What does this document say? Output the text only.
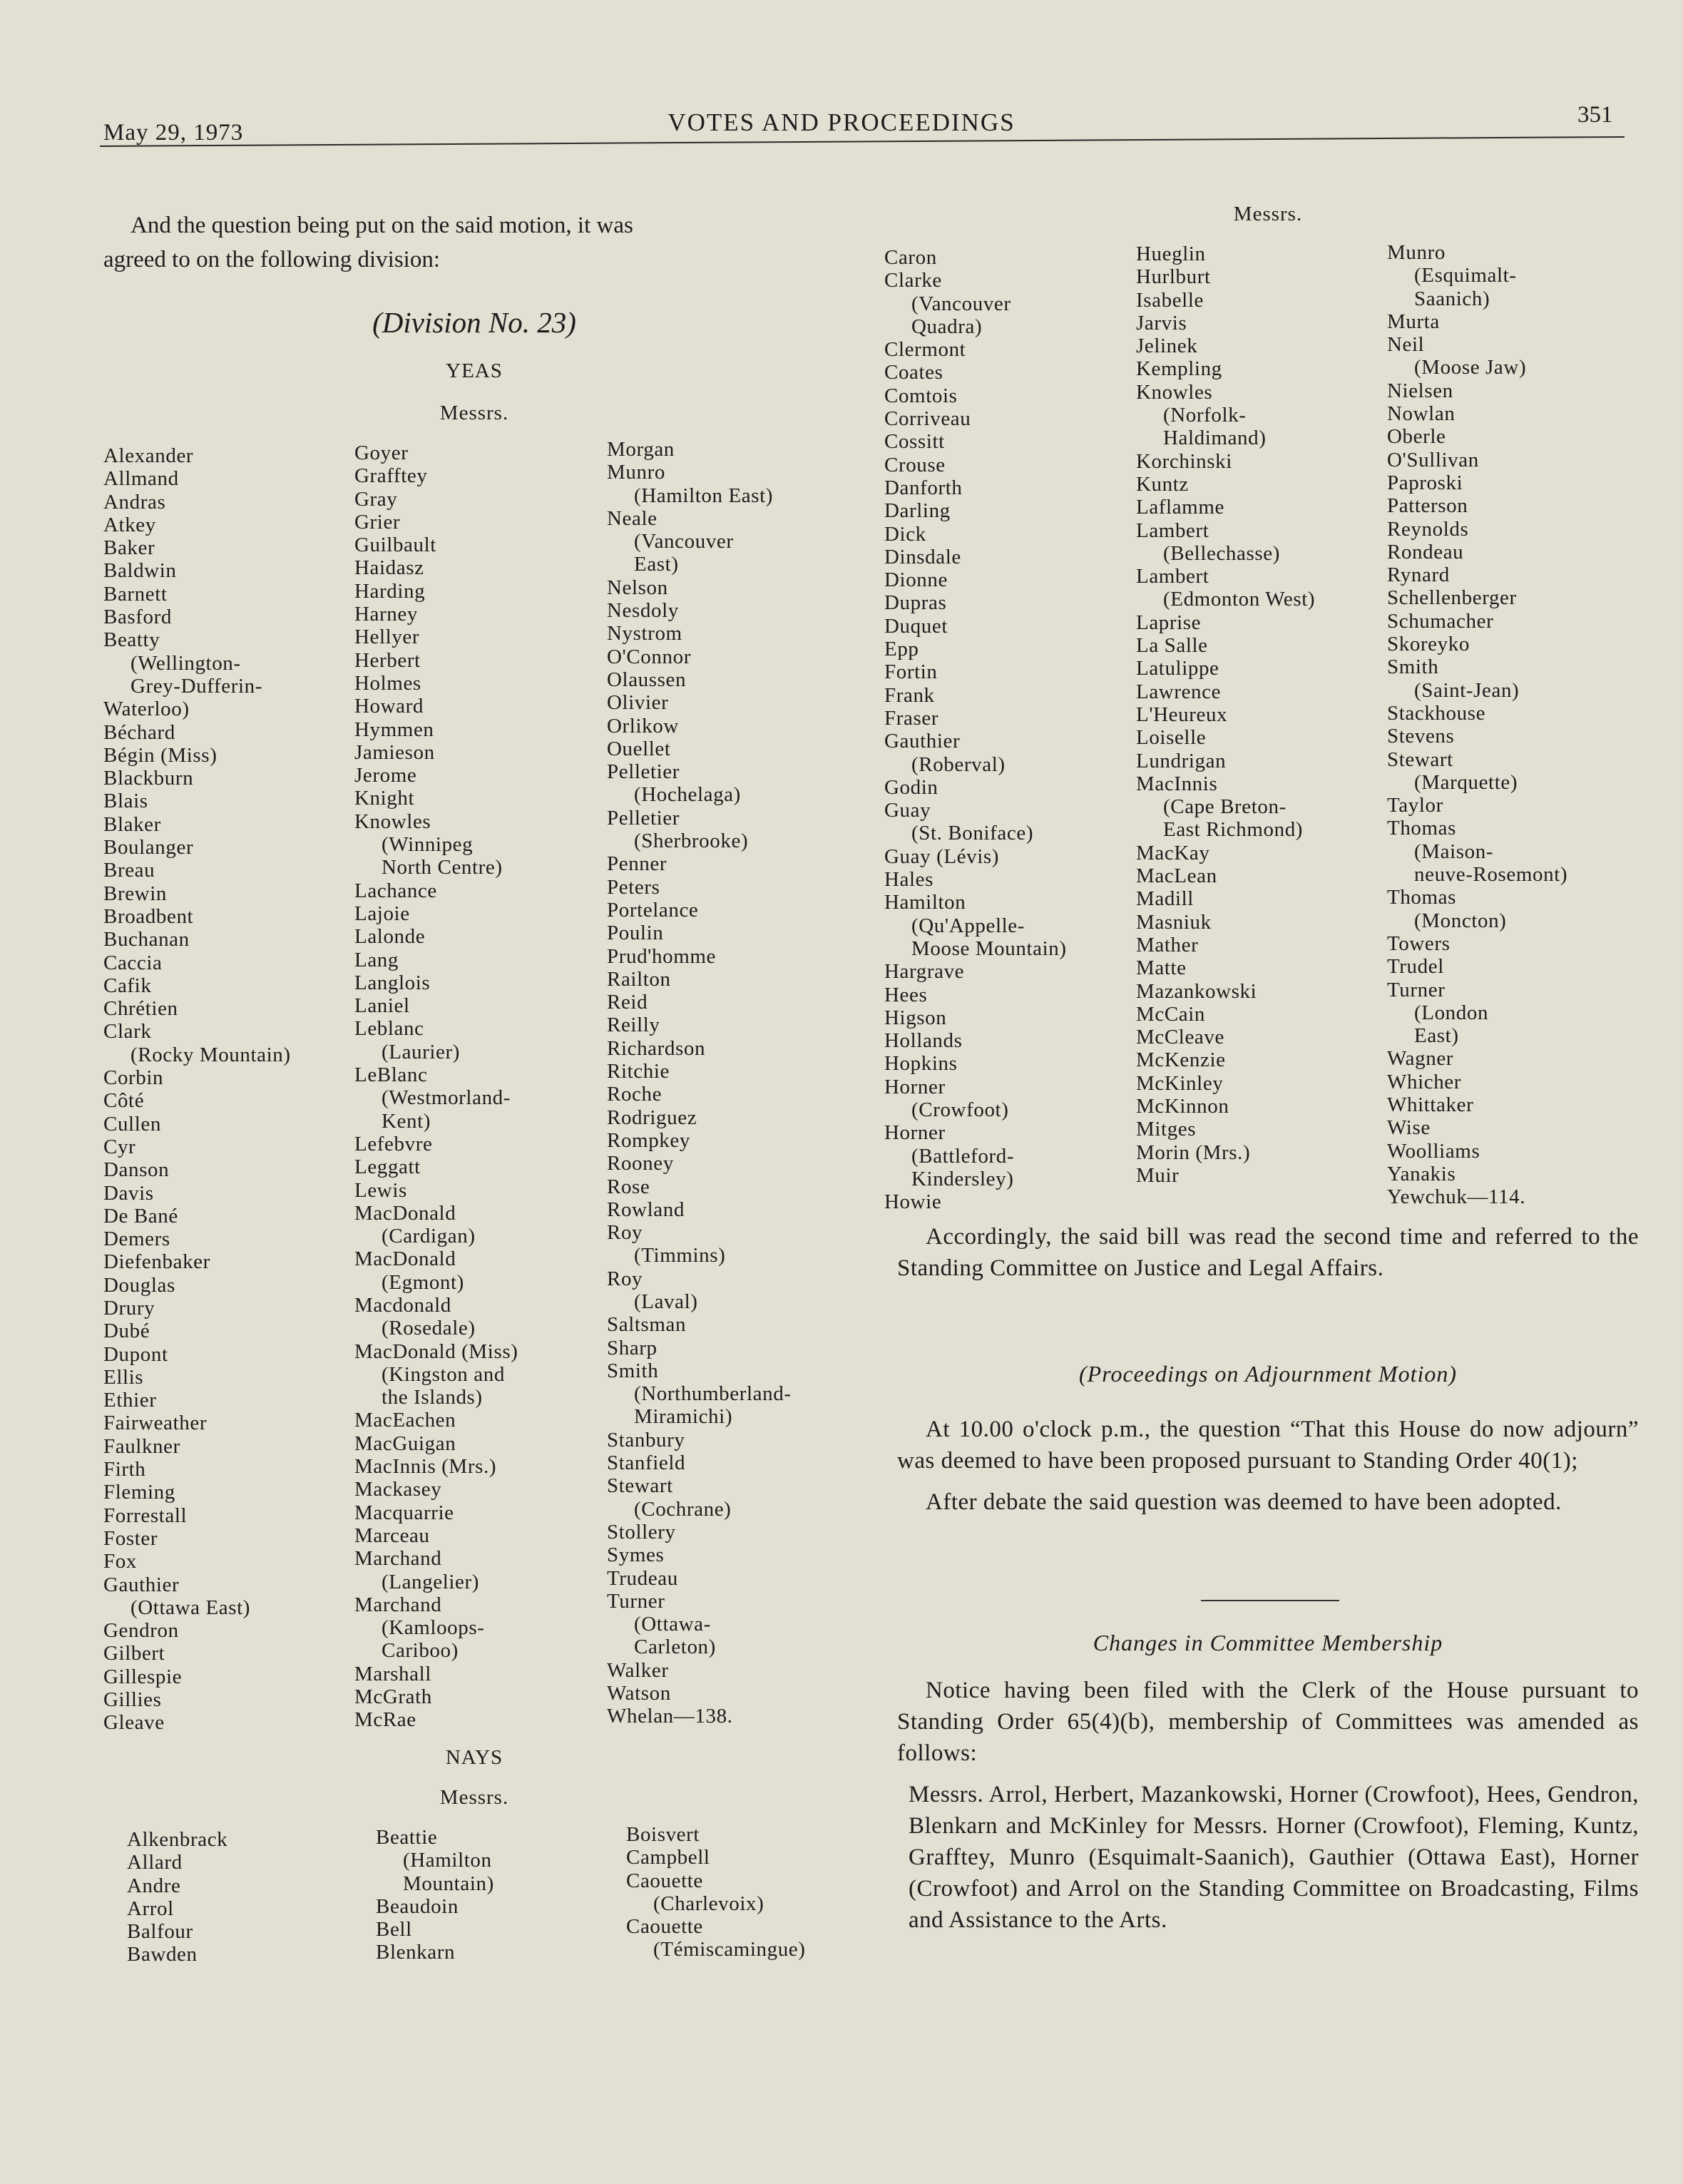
May 29, 1973	VOTES AND PROCEEDINGS	351
And the question being put on the said motion, it was
agreed to on the following division:
(Division No. 23)
YEAS
Messrs.
Alexander
Allmand
Andras
Atkey
Baker
Baldwin
Barnett
Basford
Beatty
(Wellington-
Grey-Dufferin-
Waterloo)
Béchard
Bégin (Miss)
Blackburn
Blais
Blaker
Boulanger
Breau
Brewin
Broadbent
Buchanan
Caccia
Cafik
Chrétien
Clark
(Rocky Mountain)
Corbin
Côté
Cullen
Cyr
Danson
Davis
De Bané
Demers
Diefenbaker
Douglas
Drury
Dubé
Dupont
Ellis
Ethier
Fairweather
Faulkner
Firth
Fleming
Forrestall
Foster
Fox
Gauthier
(Ottawa East)
Gendron
Gilbert
Gillespie
Gillies
Gleave
Goyer
Grafftey
Gray
Grier
Guilbault
Haidasz
Harding
Harney
Hellyer
Herbert
Holmes
Howard
Hymmen
Jamieson
Jerome
Knight
Knowles
(Winnipeg
North Centre)
Lachance
Lajoie
Lalonde
Lang
Langlois
Laniel
Leblanc
(Laurier)
LeBlanc
(Westmorland-
Kent)
Lefebvre
Leggatt
Lewis
MacDonald
(Cardigan)
MacDonald
(Egmont)
Macdonald
(Rosedale)
MacDonald (Miss)
(Kingston and
the Islands)
MacEachen
MacGuigan
MacInnis (Mrs.)
Mackasey
Macquarrie
Marceau
Marchand
(Langelier)
Marchand
(Kamloops-
Cariboo)
Marshall
McGrath
McRae
Morgan
Munro
(Hamilton East)
Neale
(Vancouver
East)
Nelson
Nesdoly
Nystrom
O'Connor
Olaussen
Olivier
Orlikow
Ouellet
Pelletier
(Hochelaga)
Pelletier
(Sherbrooke)
Penner
Peters
Portelance
Poulin
Prud'homme
Railton
Reid
Reilly
Richardson
Ritchie
Roche
Rodriguez
Rompkey
Rooney
Rose
Rowland
Roy
(Timmins)
Roy
(Laval)
Saltsman
Sharp
Smith
(Northumberland-
Miramichi)
Stanbury
Stanfield
Stewart
(Cochrane)
Stollery
Symes
Trudeau
Turner
(Ottawa-
Carleton)
Walker
Watson
Whelan—138.
NAYS
Messrs.
Alkenbrack
Allard
Andre
Arrol
Balfour
Bawden
Beattie
(Hamilton
Mountain)
Beaudoin
Bell
Blenkarn
Boisvert
Campbell
Caouette
(Charlevoix)
Caouette
(Témiscamingue)
Messrs.
Caron
Clarke
(Vancouver
Quadra)
Clermont
Coates
Comtois
Corriveau
Cossitt
Crouse
Danforth
Darling
Dick
Dinsdale
Dionne
Dupras
Duquet
Epp
Fortin
Frank
Fraser
Gauthier
(Roberval)
Godin
Guay
(St. Boniface)
Guay (Lévis)
Hales
Hamilton
(Qu'Appelle-
Moose Mountain)
Hargrave
Hees
Higson
Hollands
Hopkins
Horner
(Crowfoot)
Horner
(Battleford-
Kindersley)
Howie
Hueglin
Hurlburt
Isabelle
Jarvis
Jelinek
Kempling
Knowles
(Norfolk-
Haldimand)
Korchinski
Kuntz
Laflamme
Lambert
(Bellechasse)
Lambert
(Edmonton West)
Laprise
La Salle
Latulippe
Lawrence
L'Heureux
Loiselle
Lundrigan
MacInnis
(Cape Breton-
East Richmond)
MacKay
MacLean
Madill
Masniuk
Mather
Matte
Mazankowski
McCain
McCleave
McKenzie
McKinley
McKinnon
Mitges
Morin (Mrs.)
Muir
Munro
(Esquimalt-
Saanich)
Murta
Neil
(Moose Jaw)
Nielsen
Nowlan
Oberle
O'Sullivan
Paproski
Patterson
Reynolds
Rondeau
Rynard
Schellenberger
Schumacher
Skoreyko
Smith
(Saint-Jean)
Stackhouse
Stevens
Stewart
(Marquette)
Taylor
Thomas
(Maison-
neuve-Rosemont)
Thomas
(Moncton)
Towers
Trudel
Turner
(London
East)
Wagner
Whicher
Whittaker
Wise
Woolliams
Yanakis
Yewchuk—114.

Accordingly, the said bill was read the second time and referred to the Standing Committee on Justice and Legal Affairs.

(Proceedings on Adjournment Motion)

At 10.00 o'clock p.m., the question “That this House do now adjourn” was deemed to have been proposed pursuant to Standing Order 40(1);

After debate the said question was deemed to have been adopted.

Changes in Committee Membership

Notice having been filed with the Clerk of the House pursuant to Standing Order 65(4)(b), membership of Committees was amended as follows:

Messrs. Arrol, Herbert, Mazankowski, Horner (Crowfoot), Hees, Gendron, Blenkarn and McKinley for Messrs. Horner (Crowfoot), Fleming, Kuntz, Grafftey, Munro (Esquimalt-Saanich), Gauthier (Ottawa East), Horner (Crowfoot) and Arrol on the Standing Committee on Broadcasting, Films and Assistance to the Arts.
